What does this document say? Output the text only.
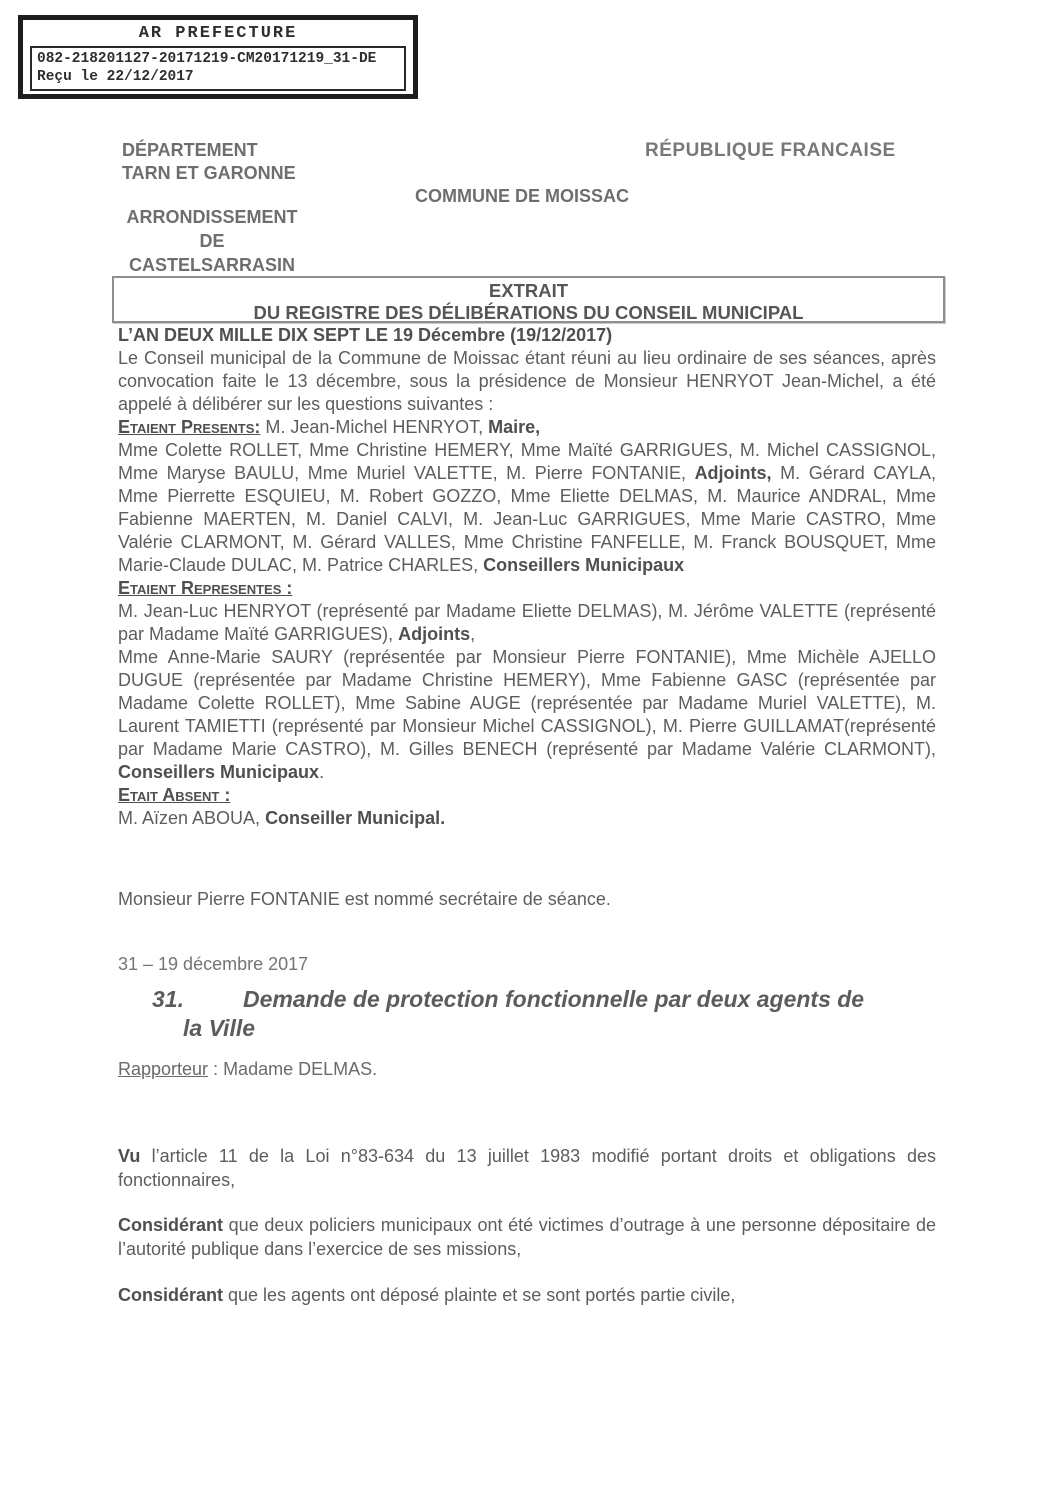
AR PREFECTURE
082-218201127-20171219-CM20171219_31-DE
Reçu le 22/12/2017
DÉPARTEMENT
TARN ET GARONNE
RÉPUBLIQUE FRANCAISE
COMMUNE DE MOISSAC
ARRONDISSEMENT
DE
CASTELSARRASIN
EXTRAIT
DU REGISTRE DES DÉLIBÉRATIONS DU CONSEIL MUNICIPAL

L’AN DEUX MILLE DIX SEPT LE 19 Décembre (19/12/2017)

Le Conseil municipal de la Commune de Moissac étant réuni au lieu ordinaire de ses séances, après convocation faite le 13 décembre, sous la présidence de Monsieur HENRYOT Jean-Michel, a été appelé à délibérer sur les questions suivantes :

Etaient Presents: M. Jean-Michel HENRYOT, Maire,

Mme Colette ROLLET, Mme Christine HEMERY, Mme Maïté GARRIGUES, M. Michel CASSIGNOL, Mme Maryse BAULU, Mme Muriel VALETTE, M. Pierre FONTANIE, Adjoints, M. Gérard CAYLA, Mme Pierrette ESQUIEU, M. Robert GOZZO, Mme Eliette DELMAS, M. Maurice ANDRAL, Mme Fabienne MAERTEN, M. Daniel CALVI, M. Jean-Luc GARRIGUES, Mme Marie CASTRO, Mme Valérie CLARMONT, M. Gérard VALLES, Mme Christine FANFELLE, M. Franck BOUSQUET, Mme Marie-Claude DULAC, M. Patrice CHARLES, Conseillers Municipaux

Etaient Representes :

M. Jean-Luc HENRYOT (représenté par Madame Eliette DELMAS), M. Jérôme VALETTE (représenté par Madame Maïté GARRIGUES), Adjoints,

Mme Anne-Marie SAURY (représentée par Monsieur Pierre FONTANIE), Mme Michèle AJELLO DUGUE (représentée par Madame Christine HEMERY), Mme Fabienne GASC (représentée par Madame Colette ROLLET), Mme Sabine AUGE (représentée par Madame Muriel VALETTE), M. Laurent TAMIETTI (représenté par Monsieur Michel CASSIGNOL), M. Pierre GUILLAMAT(représenté par Madame Marie CASTRO), M. Gilles BENECH (représenté par Madame Valérie CLARMONT), Conseillers Municipaux.

Etait Absent :

M. Aïzen ABOUA, Conseiller Municipal.

Monsieur Pierre FONTANIE est nommé secrétaire de séance.
31 – 19 décembre 2017
31.	Demande de protection fonctionnelle par deux agents de la Ville

Rapporteur : Madame DELMAS.
Vu l’article 11 de la Loi n°83-634 du 13 juillet 1983 modifié portant droits et obligations des fonctionnaires,
Considérant que deux policiers municipaux ont été victimes d’outrage à une personne dépositaire de l’autorité publique dans l’exercice de ses missions,
Considérant que les agents ont déposé plainte et se sont portés partie civile,
